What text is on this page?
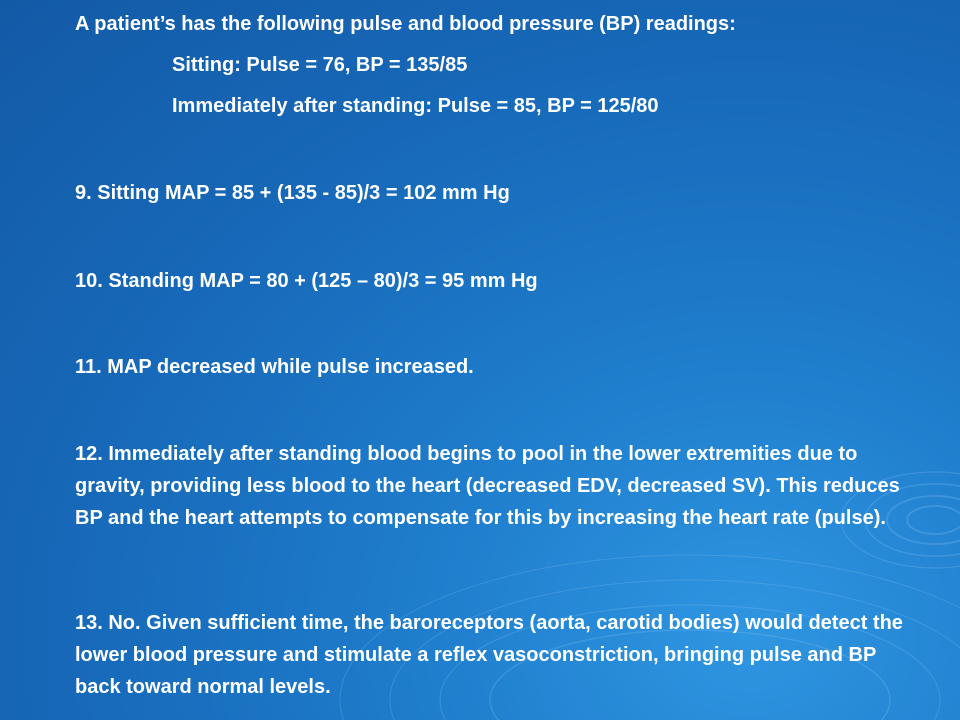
A patient’s has the following pulse and blood pressure (BP) readings:
Sitting: Pulse = 76, BP = 135/85
Immediately after standing: Pulse = 85, BP = 125/80
9. Sitting MAP = 85 + (135 - 85)/3 = 102 mm Hg
10. Standing MAP = 80 + (125 – 80)/3 = 95 mm Hg
11. MAP decreased while pulse increased.
12. Immediately after standing blood begins to pool in the lower extremities due to gravity, providing less blood to the heart (decreased EDV, decreased SV). This reduces BP and the heart attempts to compensate for this by increasing the heart rate (pulse).
13. No. Given sufficient time, the baroreceptors (aorta, carotid bodies) would detect the lower blood pressure and stimulate a reflex vasoconstriction, bringing pulse and BP back toward normal levels.
